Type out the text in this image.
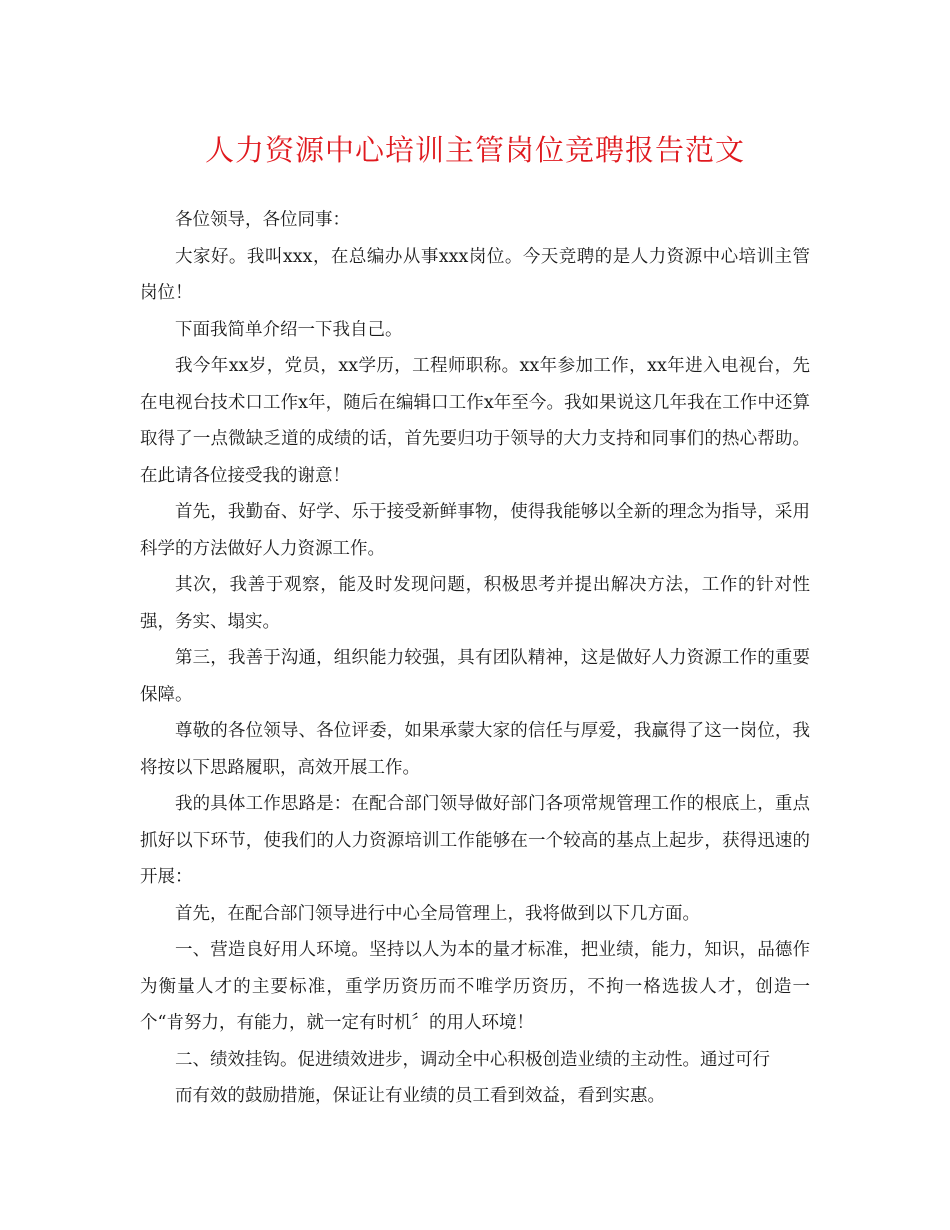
人力资源中心培训主管岗位竞聘报告范文

各位领导，各位同事：

大家好。我叫xxx，在总编办从事xxx岗位。今天竞聘的是人力资源中心培训主管岗位！

下面我简单介绍一下我自己。

我今年xx岁，党员，xx学历，工程师职称。xx年参加工作，xx年进入电视台，先在电视台技术口工作x年，随后在编辑口工作x年至今。我如果说这几年我在工作中还算取得了一点微缺乏道的成绩的话，首先要归功于领导的大力支持和同事们的热心帮助。在此请各位接受我的谢意！

首先，我勤奋、好学、乐于接受新鲜事物，使得我能够以全新的理念为指导，采用科学的方法做好人力资源工作。

其次，我善于观察，能及时发现问题，积极思考并提出解决方法，工作的针对性强，务实、塌实。

第三，我善于沟通，组织能力较强，具有团队精神，这是做好人力资源工作的重要保障。

尊敬的各位领导、各位评委，如果承蒙大家的信任与厚爱，我赢得了这一岗位，我将按以下思路履职，高效开展工作。

我的具体工作思路是：在配合部门领导做好部门各项常规管理工作的根底上，重点抓好以下环节，使我们的人力资源培训工作能够在一个较高的基点上起步，获得迅速的开展：

首先，在配合部门领导进行中心全局管理上，我将做到以下几方面。

一、营造良好用人环境。坚持以人为本的量才标准，把业绩，能力，知识，品德作为衡量人才的主要标准，重学历资历而不唯学历资历，不拘一格选拔人才，创造一个“肯努力，有能力，就一定有时机〞的用人环境！

二、绩效挂钩。促进绩效进步，调动全中心积极创造业绩的主动性。通过可行

而有效的鼓励措施，保证让有业绩的员工看到效益，看到实惠。
